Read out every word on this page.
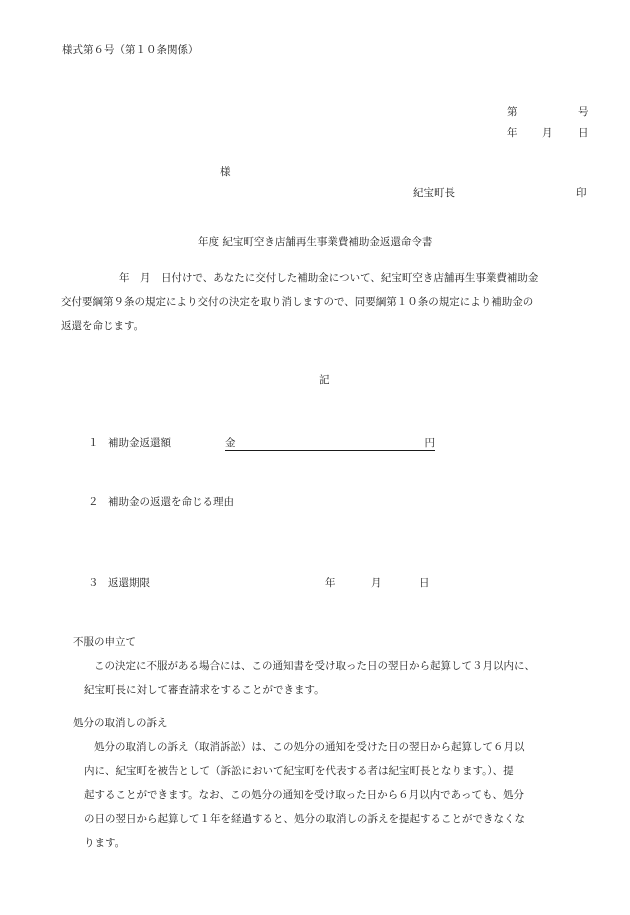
様式第６号（第１０条関係）
第	号
年 月 日
様
紀宝町長	印
年度 紀宝町空き店舗再生事業費補助金返還命令書

年　月　日付けで、あなたに交付した補助金について、紀宝町空き店舗再生事業費補助金

交付要綱第９条の規定により交付の決定を取り消しますので、同要綱第１０条の規定により補助金の

返還を命じます。

記
１ 補助金返還額	金	円
２ 補助金の返還を命じる理由
３ 返還期限	年	月	日

不服の申立て

この決定に不服がある場合には、この通知書を受け取った日の翌日から起算して３月以内に、

紀宝町長に対して審査請求をすることができます。

処分の取消しの訴え

処分の取消しの訴え（取消訴訟）は、この処分の通知を受けた日の翌日から起算して６月以

内に、紀宝町を被告として（訴訟において紀宝町を代表する者は紀宝町長となります。）、提

起することができます。なお、この処分の通知を受け取った日から６月以内であっても、処分

の日の翌日から起算して１年を経過すると、処分の取消しの訴えを提起することができなくな

ります。
